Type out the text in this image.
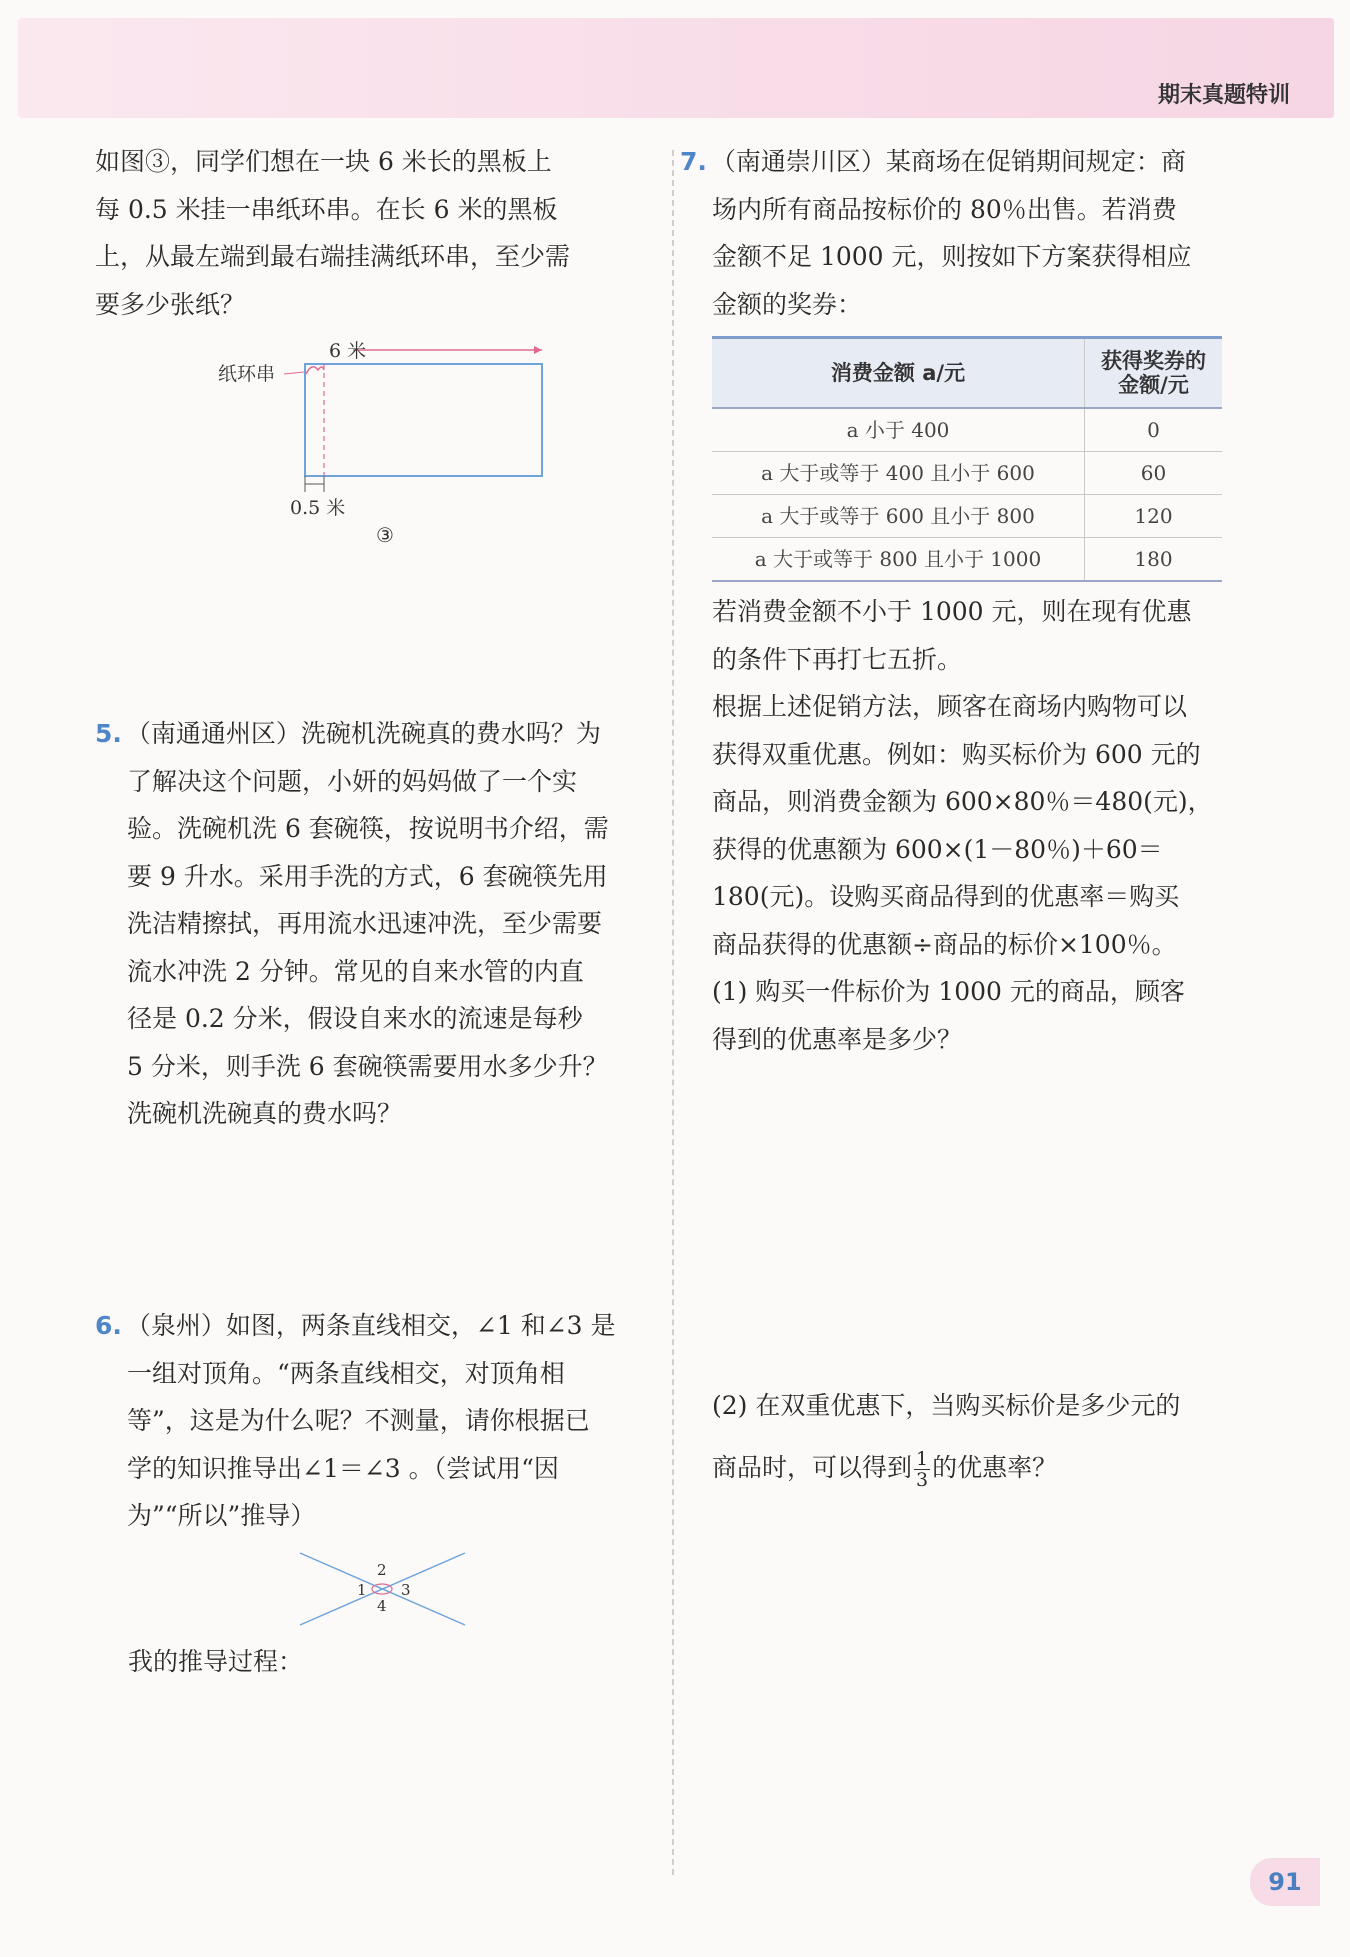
期末真题特训

如图③，同学们想在一块 6 米长的黑板上

每 0.5 米挂一串纸环串。在长 6 米的黑板

上，从最左端到最右端挂满纸环串，至少需

要多少张纸？

6 米
纸环串
0.5 米
③

5. （南通通州区）洗碗机洗碗真的费水吗？为

了解决这个问题，小妍的妈妈做了一个实

验。洗碗机洗 6 套碗筷，按说明书介绍，需

要 9 升水。采用手洗的方式，6 套碗筷先用

洗洁精擦拭，再用流水迅速冲洗，至少需要

流水冲洗 2 分钟。常见的自来水管的内直

径是 0.2 分米，假设自来水的流速是每秒

5 分米，则手洗 6 套碗筷需要用水多少升？

洗碗机洗碗真的费水吗？

6. （泉州）如图，两条直线相交，∠1 和∠3 是

一组对顶角。“两条直线相交，对顶角相

等”，这是为什么呢？不测量，请你根据已

学的知识推导出∠1＝∠3 。（尝试用“因

为”“所以”推导）

1
2
3
4
我的推导过程：

7. （南通崇川区）某商场在促销期间规定：商

场内所有商品按标价的 80％出售。若消费

金额不足 1000 元，则按如下方案获得相应

金额的奖券：

消费金额 a/元	获得奖券的金额/元
a 小于 400	0
a 大于或等于 400 且小于 600	60
a 大于或等于 600 且小于 800	120
a 大于或等于 800 且小于 1000	180

若消费金额不小于 1000 元，则在现有优惠

的条件下再打七五折。

根据上述促销方法，顾客在商场内购物可以

获得双重优惠。例如：购买标价为 600 元的

商品，则消费金额为 600×80％＝480(元)，

获得的优惠额为 600×(1－80％)＋60＝

180(元)。设购买商品得到的优惠率＝购买

商品获得的优惠额÷商品的标价×100％。

(1) 购买一件标价为 1000 元的商品，顾客

得到的优惠率是多少？

(2) 在双重优惠下，当购买标价是多少元的

商品时，可以得到 $\frac{1}{3}$ 的优惠率？

91
